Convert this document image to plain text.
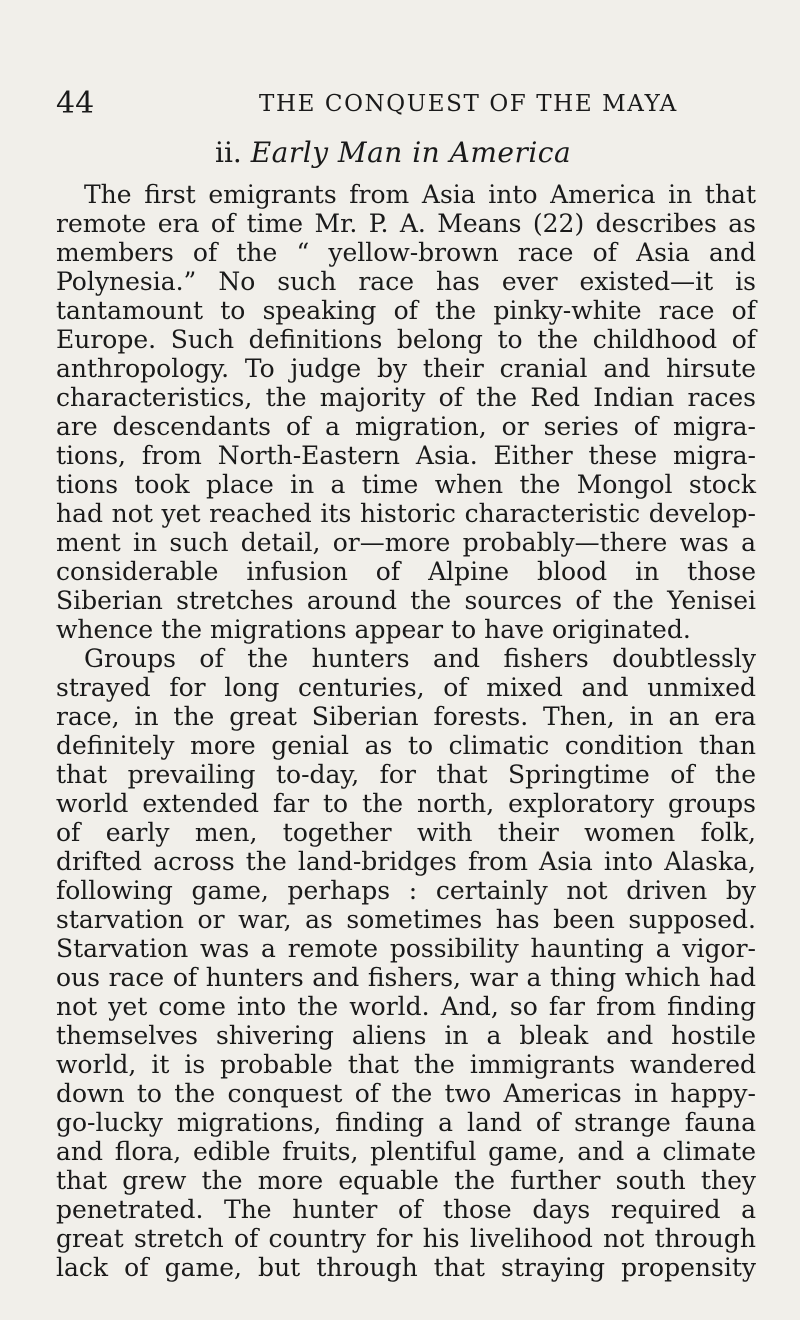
44	THE CONQUEST OF THE MAYA
ii. Early Man in America
The first emigrants from Asia into America in that
remote era of time Mr. P. A. Means (22) describes as
members of the “ yellow-brown race of Asia and
Polynesia.” No such race has ever existed—it is
tantamount to speaking of the pinky-white race of
Europe. Such definitions belong to the childhood of
anthropology. To judge by their cranial and hirsute
characteristics, the majority of the Red Indian races
are descendants of a migration, or series of migra-
tions, from North-Eastern Asia. Either these migra-
tions took place in a time when the Mongol stock
had not yet reached its historic characteristic develop-
ment in such detail, or—more probably—there was a
considerable infusion of Alpine blood in those
Siberian stretches around the sources of the Yenisei
whence the migrations appear to have originated.
Groups of the hunters and fishers doubtlessly
strayed for long centuries, of mixed and unmixed
race, in the great Siberian forests. Then, in an era
definitely more genial as to climatic condition than
that prevailing to-day, for that Springtime of the
world extended far to the north, exploratory groups
of early men, together with their women folk,
drifted across the land-bridges from Asia into Alaska,
following game, perhaps : certainly not driven by
starvation or war, as sometimes has been supposed.
Starvation was a remote possibility haunting a vigor-
ous race of hunters and fishers, war a thing which had
not yet come into the world. And, so far from finding
themselves shivering aliens in a bleak and hostile
world, it is probable that the immigrants wandered
down to the conquest of the two Americas in happy-
go-lucky migrations, finding a land of strange fauna
and flora, edible fruits, plentiful game, and a climate
that grew the more equable the further south they
penetrated. The hunter of those days required a
great stretch of country for his livelihood not through
lack of game, but through that straying propensity
